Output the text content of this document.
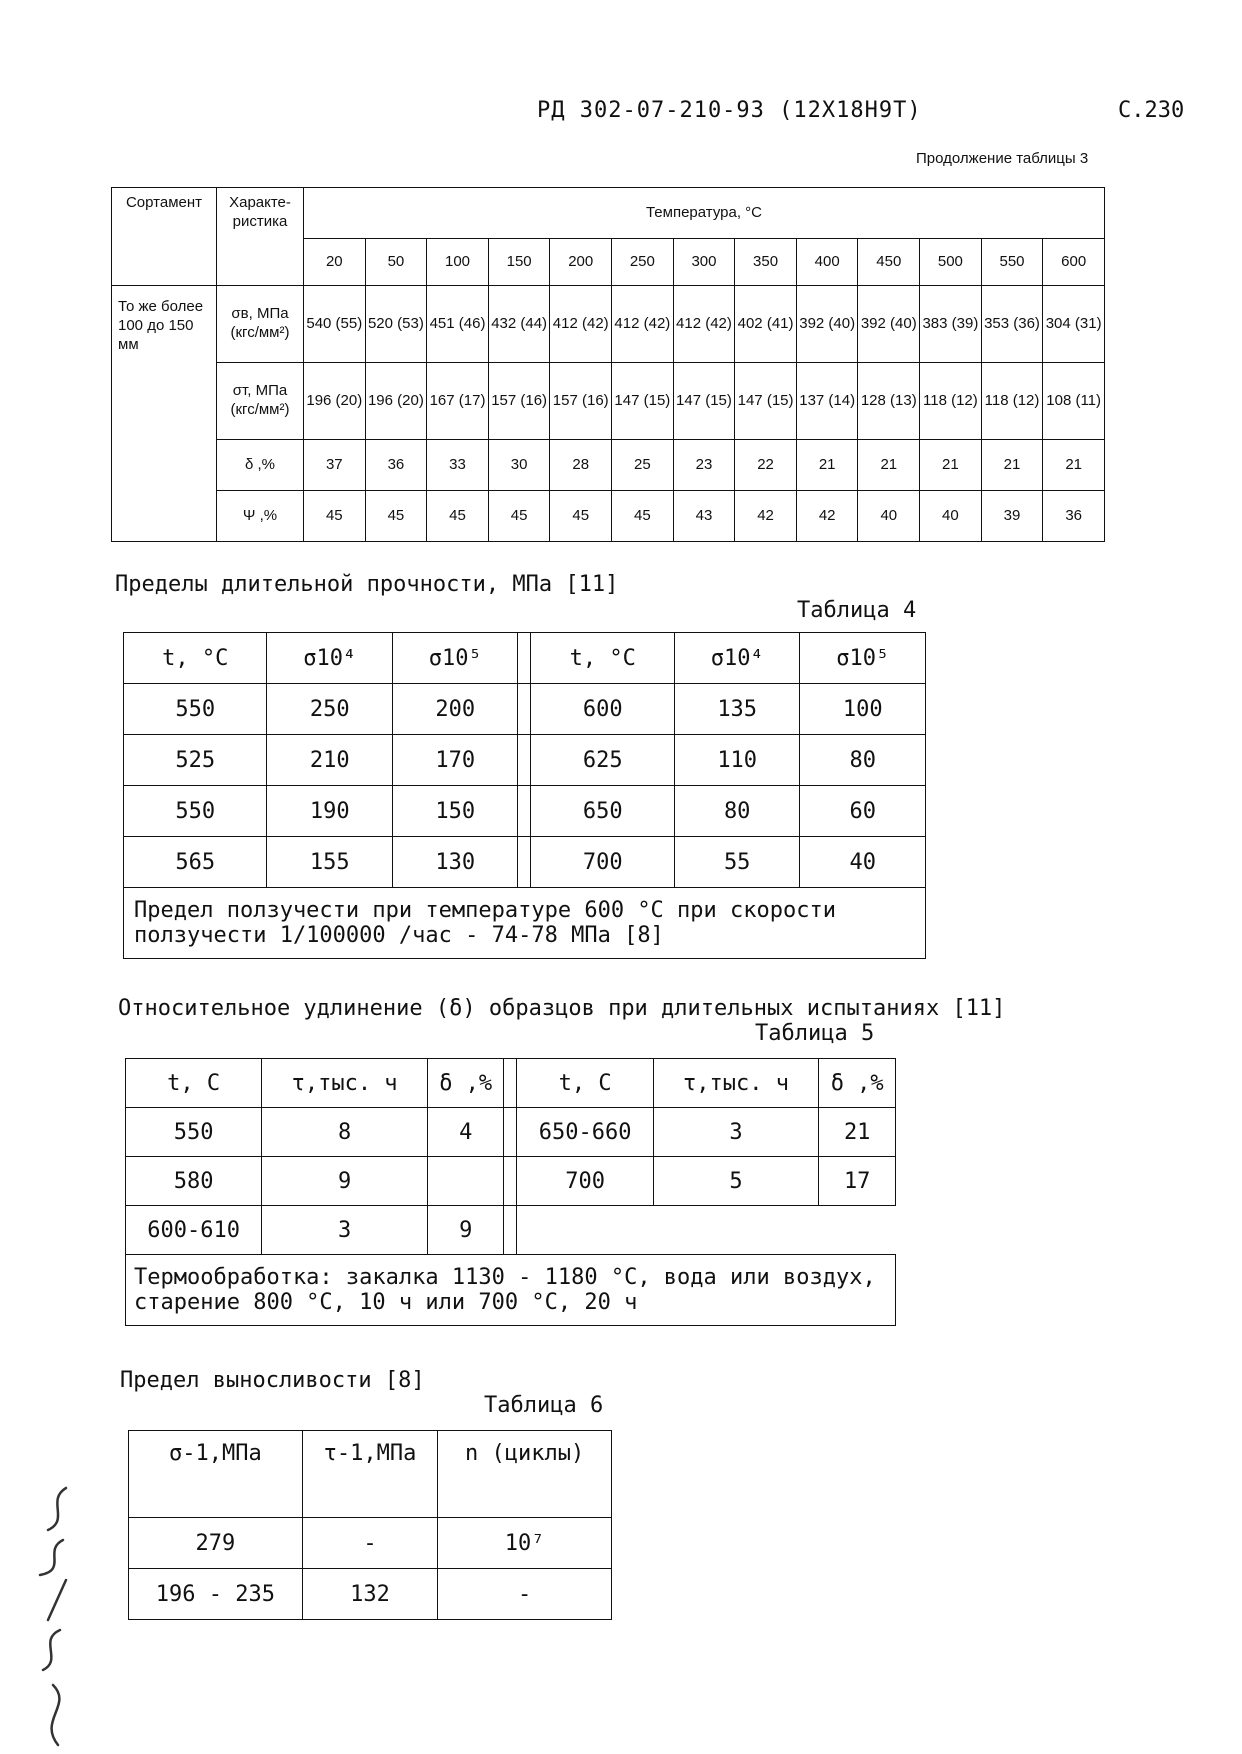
РД 302-07-210-93 (12Х18Н9Т)	С.230
Продолжение таблицы 3
Сортамент	Характе-ристика	Температура, °С												
		20	50	100	150	200	250	300	350	400	450	500	550	600
То же более 100 до 150 мм	σв, МПа (кгс/мм²)	540 (55)	520 (53)	451 (46)	432 (44)	412 (42)	412 (42)	412 (42)	402 (41)	392 (40)	392 (40)	383 (39)	353 (36)	304 (31)
	σт, МПа (кгс/мм²)	196 (20)	196 (20)	167 (17)	157 (16)	157 (16)	147 (15)	147 (15)	147 (15)	137 (14)	128 (13)	118 (12)	118 (12)	108 (11)
	δ ,%	37	36	33	30	28	25	23	22	21	21	21	21	21
	Ψ ,%	45	45	45	45	45	45	43	42	42	40	40	39	36
Пределы длительной прочности, МПа [11]
Таблица 4
t, °С	σ10⁴	σ10⁵		t, °С	σ10⁴	σ10⁵
550	250	200		600	135	100
525	210	170		625	110	80
550	190	150		650	80	60
565	155	130		700	55	40
Предел ползучести при температуре 600 °С при скорости ползучести 1/100000 /час - 74-78 МПа [8]						
Относительное удлинение (δ) образцов при длительных испытаниях [11]
Таблица 5
t, С	τ,тыс. ч	δ ,%		t, С	τ,тыс. ч	δ ,%
550	8	4		650-660	3	21
580	9			700	5	17
600-610	3	9				
Термообработка: закалка 1130 - 1180 °С, вода или воздух, старение 800 °С, 10 ч или 700 °С, 20 ч						
Предел выносливости [8]
Таблица 6
σ-1,МПа	τ-1,МПа	n (циклы)
279	-	10⁷
196 - 235	132	-
